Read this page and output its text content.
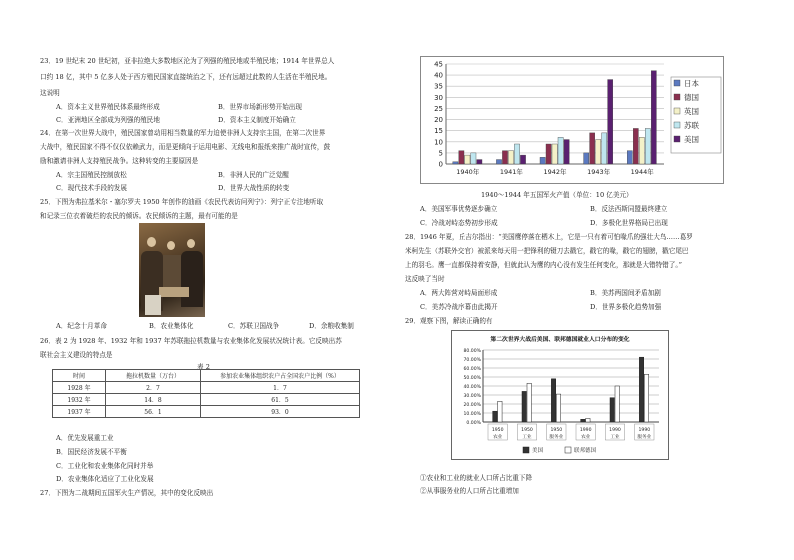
23．19 世纪末 20 世纪初，亚非拉绝大多数地区沦为了列强的殖民地或半殖民地；1914 年世界总人
口约 18 亿，其中 5 亿多人处于西方殖民国家直接统治之下，还有远超过此数的人生活在半殖民地。
这说明
A．资本主义世界殖民体系最终形成	B．世界市场新形势开始出现
C．亚洲地区全部成为列强的殖民地	D．资本主义制度开始确立
24．在第一次世界大战中，殖民国家曾动用相当数量的军力迫使非洲人支持宗主国，在第二次世界
大战中，殖民国家不得不仅仅依赖武力，而是更倾向于运用电影、无线电和报纸来推广战时宣传，鼓
励和激请非洲人支持殖民战争。这种转变的主要原因是
A．宗主国殖民控制放松	B．非洲人民的广泛觉醒
C．现代技术手段的发展	D．世界大战性质的转变
25．下图为弗拉基米尔・塞尔罗夫 1950 年创作的油画《农民代表访问列宁》：列宁正专注地听取
和记录三位衣着破烂的农民的倾诉。农民倾诉的主题，最有可能的是
A．纪念十月革命	B．农业集体化	C．苏联卫国战争	D．余粮收集制
26．表 2 为 1928 年、1932 年和 1937 年苏联拖拉机数量与农业集体化发展状况统计表。它反映出苏
联社会主义建设的特点是
表 2
时间	拖拉机数量（万台）	参加农业集体组织农户占全国农户比例（%）
1928 年	2．7	1．7
1932 年	14．8	61．5
1937 年	56．1	93．0
A．优先发展重工业
B．国民经济发展不平衡
C．工业化和农业集体化同时并举
D．农业集体化适应了工业化发展
27．下图为二战期间五国军火生产情况，其中的变化反映出
0
5
10
15
20
25
30
35
40
45
1940年	1941年	1942年	1943年	1944年
日本
德国
英国
苏联
美国
1940～1944 年五国军火产值（单位：10 亿美元）
A．美国军事优势逐步确立	B．反法西斯同盟最终建立
C．冷战对峙态势初步形成	D．多极化世界格局已出现
28．1946 年夏，丘吉尔指出：“美国鹰停落在栖木上，它是一只有着可怕喙爪的强壮大鸟……葛罗
米柯先生（苏联外交官）被派来每天用一把锋利的镊刀去戳它，戳它的喙，戳它的翅膀，戳它尾巴
上的羽毛。鹰一直都保持着安静，但就此认为鹰的内心没有发生任何变化，那就是大错特错了。”
这反映了当时
A．两大阵营对峙局面形成	B．美苏两国间矛盾加剧
C．美苏冷战序幕由此揭开	D．世界多极化趋势加强
29．观察下图，解读正确的有
第二次世界大战后美国、联邦德国就业人口分布的变化
0.00%
10.00%
20.00%
30.00%
40.00%
50.00%
60.00%
70.00%
80.00%
1950
农业
1950
工业
1950
服务业
1990
农业
1990
工业
1990
服务业
美国	联邦德国
①农业和工业的就业人口所占比重下降
②从事服务业的人口所占比重增加
